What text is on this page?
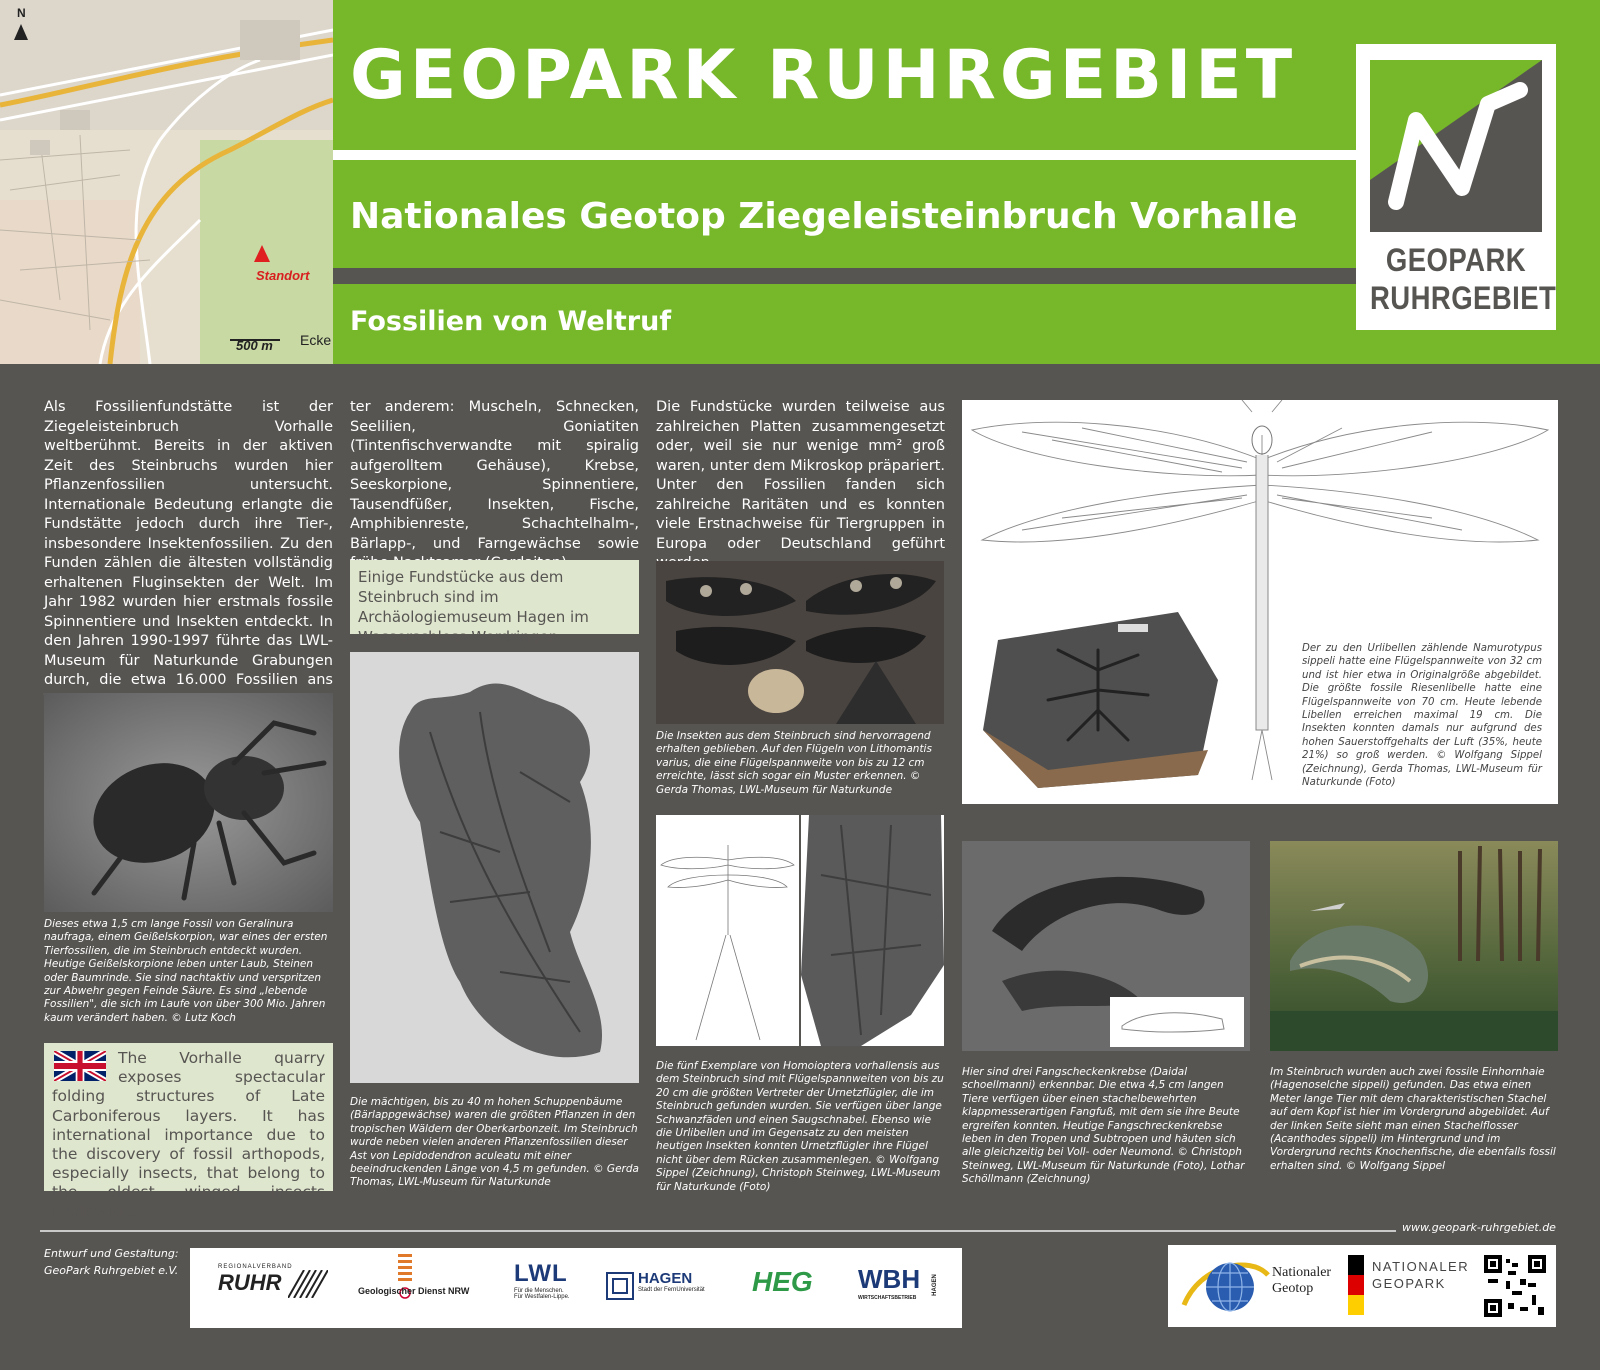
N
Standort
500 m Ecke
GEOPARK RUHRGEBIET
Nationales Geotop Ziegeleisteinbruch Vorhalle
Fossilien von Weltruf
GEOPARK
RUHRGEBIET

Als Fossilienfundstätte ist der Ziegeleisteinbruch Vorhalle weltberühmt. Bereits in der aktiven Zeit des Steinbruchs wurden hier Pflanzenfossilien untersucht. Internationale Bedeutung erlangte die Fundstätte jedoch durch ihre Tier-, insbesondere Insektenfossilien. Zu den Funden zählen die ältesten vollständig erhaltenen Fluginsekten der Welt. Im Jahr 1982 wurden hier erstmals fossile Spinnentiere und Insekten entdeckt. In den Jahren 1990-1997 führte das LWL-Museum für Naturkunde Grabungen durch, die etwa 16.000 Fossilien ans

ter anderem: Muscheln, Schnecken, Seelilien, Goniatiten (Tintenfischverwandte mit spiralig aufgerolltem Gehäuse), Krebse, Seeskorpione, Spinnentiere, Tausendfüßer, Insekten, Fische, Amphibienreste, Schachtelhalm-, Bärlapp-, und Farngewächse sowie

Die Fundstücke wurden teilweise aus zahlreichen Platten zusammengesetzt oder, weil sie nur wenige mm² groß waren, unter dem Mikroskop präpariert. Unter den Fossilien fanden sich zahlreiche Raritäten und es konnten viele Erstnachweise für Tiergruppen in Europa oder Deutschland geführt

Einige Fundstücke aus dem Steinbruch sind im Archäologiemuseum Hagen im Wasserschloss Werdringen
Dieses etwa 1,5 cm lange Fossil von Geralinura naufraga, einem Geißelskorpion, war eines der ersten Tierfossilien, die im Steinbruch entdeckt wurden. Heutige Geißelskorpione leben unter Laub, Steinen oder Baumrinde. Sie sind nachtaktiv und verspritzen zur Abwehr gegen Feinde Säure. Es sind „lebende Fossilien", die sich im Laufe von über 300 Mio. Jahren kaum verändert haben. © Lutz Koch
The Vorhalle quarry exposes spectacular folding structures of Late Carboniferous layers. It has international importance due to the discovery of fossil arthopods, especially insects, that belong to the oldest winged insects worldwide.
Die mächtigen, bis zu 40 m hohen Schuppenbäume (Bärlappgewächse) waren die größten Pflanzen in den tropischen Wäldern der Oberkarbonzeit. Im Steinbruch wurde neben vielen anderen Pflanzenfossilien dieser Ast von Lepidodendron aculeatu mit einer beeindruckenden Länge von 4,5 m gefunden. © Gerda Thomas, LWL-Museum für Naturkunde
Die Insekten aus dem Steinbruch sind hervorragend erhalten geblieben. Auf den Flügeln von Lithomantis varius, die eine Flügelspannweite von bis zu 12 cm erreichte, lässt sich sogar ein Muster erkennen. © Gerda Thomas, LWL-Museum für Naturkunde
Die fünf Exemplare von Homoioptera vorhallensis aus dem Steinbruch sind mit Flügelspannweiten von bis zu 20 cm die größten Vertreter der Urnetzflügler, die im Steinbruch gefunden wurden. Sie verfügen über lange Schwanzfäden und einen Saugschnabel. Ebenso wie die Urlibellen und im Gegensatz zu den meisten heutigen Insekten konnten Urnetzflügler ihre Flügel nicht über dem Rücken zusammenlegen. © Wolfgang Sippel (Zeichnung), Christoph Steinweg, LWL-Museum für Naturkunde (Foto)
Der zu den Urlibellen zählende Namurotypus sippeli hatte eine Flügelspannweite von 32 cm und ist hier etwa in Originalgröße abgebildet. Die größte fossile Riesenlibelle hatte eine Flügelspannweite von 70 cm. Heute lebende Libellen erreichen maximal 19 cm. Die Insekten konnten damals nur aufgrund des hohen Sauerstoffgehalts der Luft (35%, heute 21%) so groß werden. © Wolfgang Sippel (Zeichnung), Gerda Thomas, LWL-Museum für Naturkunde (Foto)
Hier sind drei Fangscheckenkrebse (Daidal schoellmanni) erkennbar. Die etwa 4,5 cm langen Tiere verfügen über einen stachelbewehrten klappmesserartigen Fangfuß, mit dem sie ihre Beute ergreifen konnten. Heutige Fangschreckenkrebse leben in den Tropen und Subtropen und häuten sich alle gleichzeitig bei Voll- oder Neumond. © Christoph Steinweg, LWL-Museum für Naturkunde (Foto), Lothar Schöllmann (Zeichnung)
Im Steinbruch wurden auch zwei fossile Einhornhaie (Hagenoselche sippeli) gefunden. Das etwa einen Meter lange Tier mit dem charakteristischen Stachel auf dem Kopf ist hier im Vordergrund abgebildet. Auf der linken Seite sieht man einen Stachelflosser (Acanthodes sippeli) im Hintergrund und im Vordergrund rechts Knochenfische, die ebenfalls fossil erhalten sind. © Wolfgang Sippel
www.geopark-ruhrgebiet.de
Entwurf und Gestaltung:
GeoPark Ruhrgebiet e.V.	REGIONALVERBAND
RUHR	Geologischer Dienst NRW
LWL
Für die Menschen.
Für Westfalen-Lippe.
HAGEN
Stadt der FernUniversität HEG WBH
WIRTSCHAFTSBETRIEB
HAGEN
Nationaler
Geotop
NATIONALER
GEOPARK
